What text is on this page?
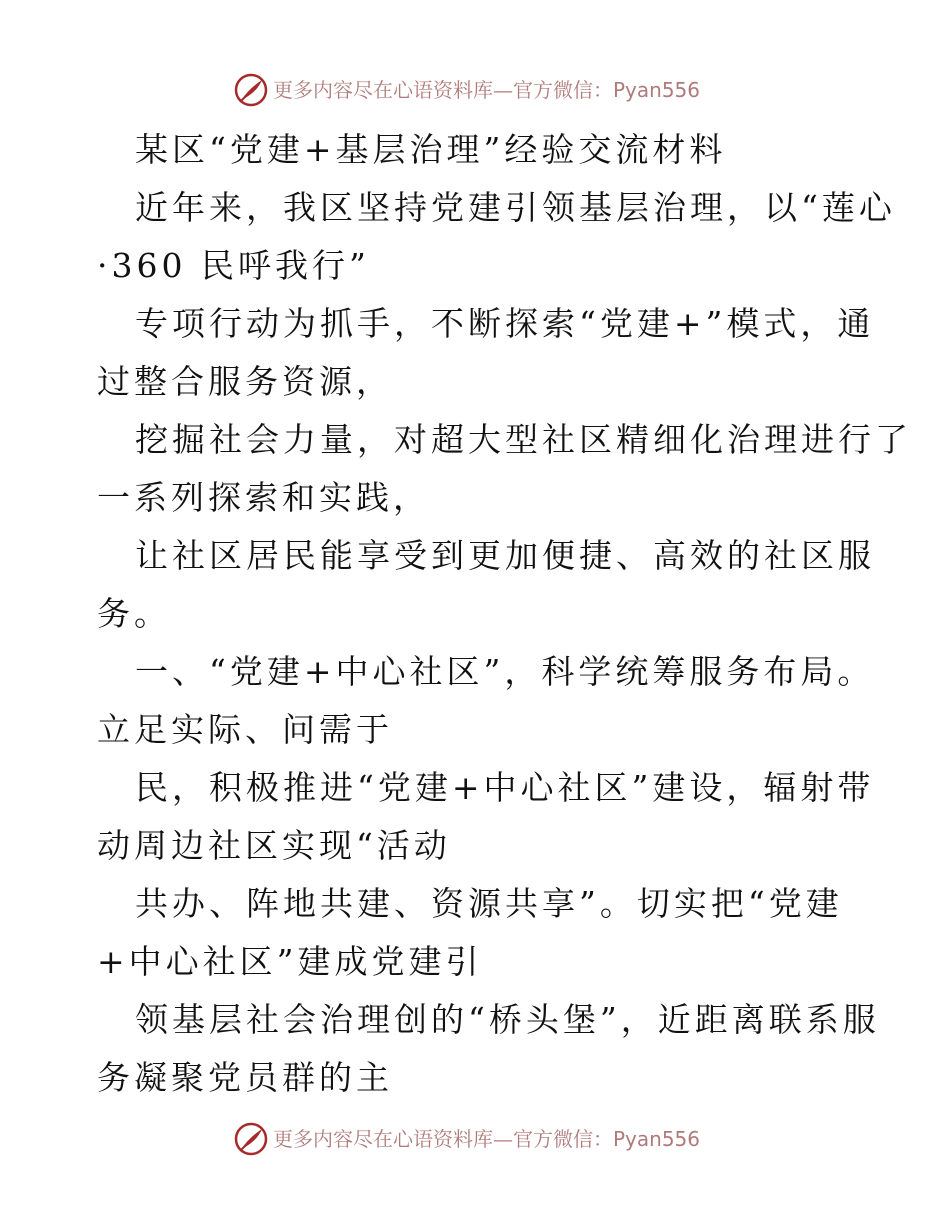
更多内容尽在心语资料库—官方微信： Pyan556
某区“党建+基层治理”经验交流材料
近年来，我区坚持党建引领基层治理，以“莲心
·360 民呼我行”
专项行动为抓手，不断探索“党建+”模式，通
过整合服务资源，
挖掘社会力量，对超大型社区精细化治理进行了
一系列探索和实践，
让社区居民能享受到更加便捷、高效的社区服
务。
一、“党建+中心社区”，科学统筹服务布局。
立足实际、问需于
民，积极推进“党建+中心社区”建设，辐射带
动周边社区实现“活动
共办、阵地共建、资源共享”。切实把“党建
+中心社区”建成党建引
领基层社会治理创的“桥头堡”，近距离联系服
务凝聚党员群的主
更多内容尽在心语资料库—官方微信： Pyan556
